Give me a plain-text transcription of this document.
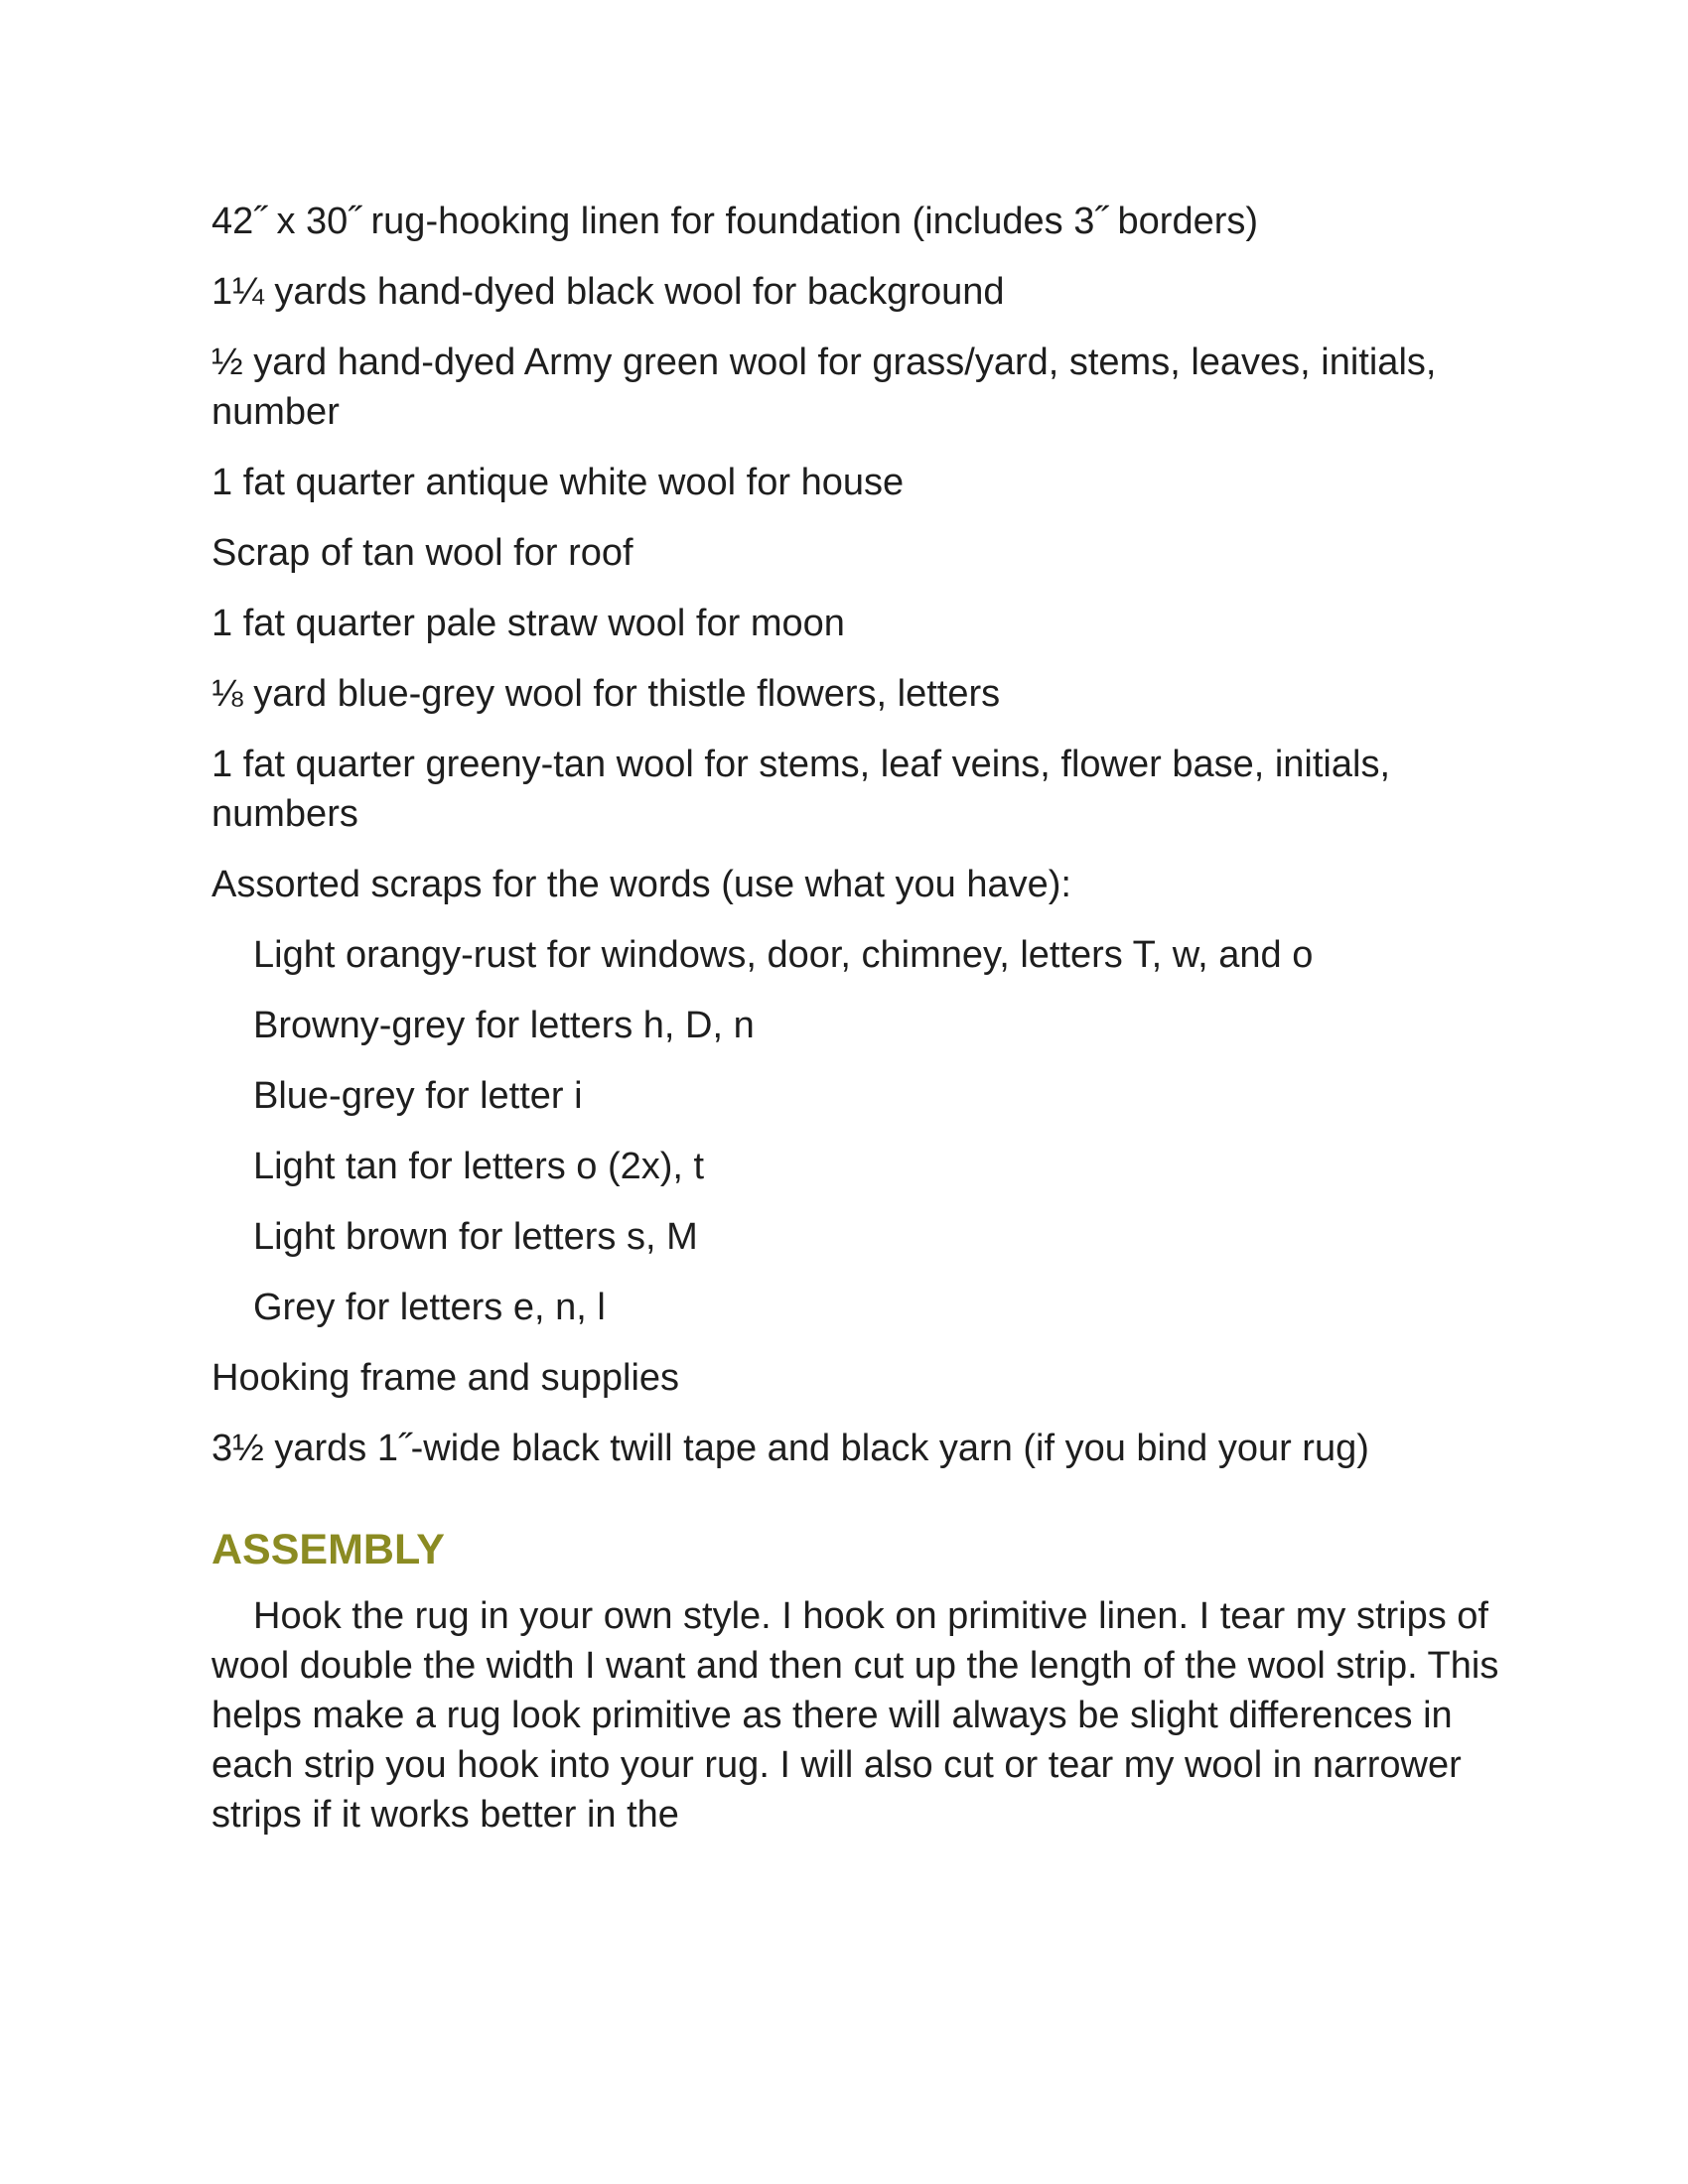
42˝ x 30˝ rug-hooking linen for foundation (includes 3˝ borders)

1¼ yards hand-dyed black wool for background

½ yard hand-dyed Army green wool for grass/yard, stems, leaves, initials, number

1 fat quarter antique white wool for house

Scrap of tan wool for roof

1 fat quarter pale straw wool for moon

⅛ yard blue-grey wool for thistle flowers, letters

1 fat quarter greeny-tan wool for stems, leaf veins, flower base, initials, numbers

Assorted scraps for the words (use what you have):

Light orangy-rust for windows, door, chimney, letters T, w, and o

Browny-grey for letters h, D, n

Blue-grey for letter i

Light tan for letters o (2x), t

Light brown for letters s, M

Grey for letters e, n, l

Hooking frame and supplies

3½ yards 1˝-wide black twill tape and black yarn (if you bind your rug)

ASSEMBLY

Hook the rug in your own style. I hook on primitive linen. I tear my strips of wool double the width I want and then cut up the length of the wool strip. This helps make a rug look primitive as there will always be slight differences in each strip you hook into your rug. I will also cut or tear my wool in narrower strips if it works better in the
